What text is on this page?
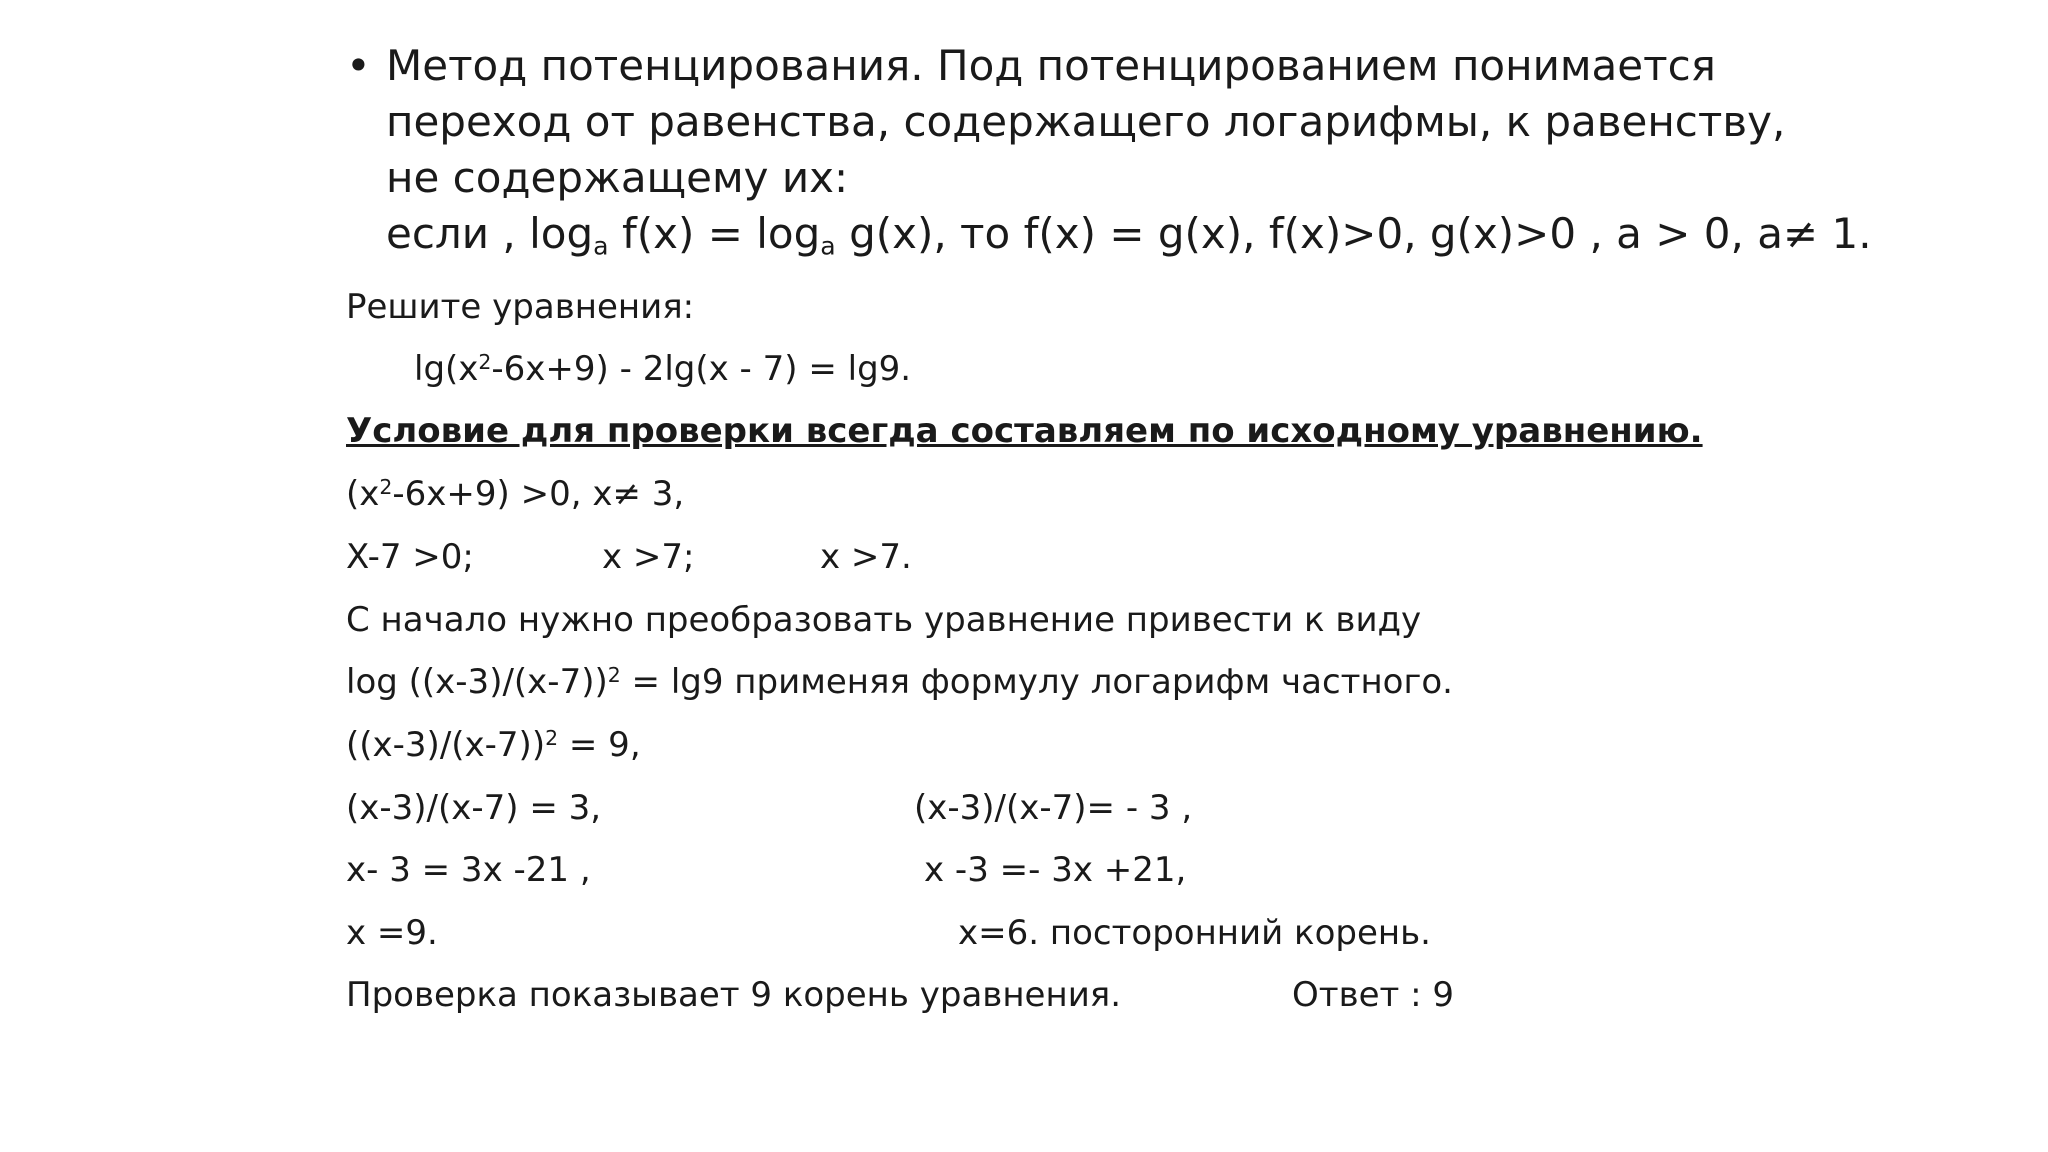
• Метод потенцирования. Под потенцированием понимается
переход от равенства, содержащего логарифмы, к равенству,
не содержащему их:
если , $\log_a f(x) = \log_a g(x)$, то f(x) = g(x), f(x)>0, g(x)>0 , a > 0, a≠ 1.
Решите уравнения:
$\lg(x^2-6x+9) - 2\lg(x - 7) = \lg 9$.
Условие для проверки всегда составляем по исходному уравнению.
$(x^2-6x+9) >0$, x≠ 3,
X-7 >0;	x >7;	x >7.
С начало нужно преобразовать уравнение привести к виду
$\log ((x-3)/(x-7))^2 = \lg 9$ применяя формулу логарифм частного.
$((x-3)/(x-7))^2 = 9$,
(x-3)/(x-7) = 3,	(x-3)/(x-7)= - 3 ,
x- 3 = 3x -21 ,	x -3 =- 3x +21,
x =9.	x=6. посторонний корень.
Проверка показывает 9 корень уравнения.	Ответ : 9
